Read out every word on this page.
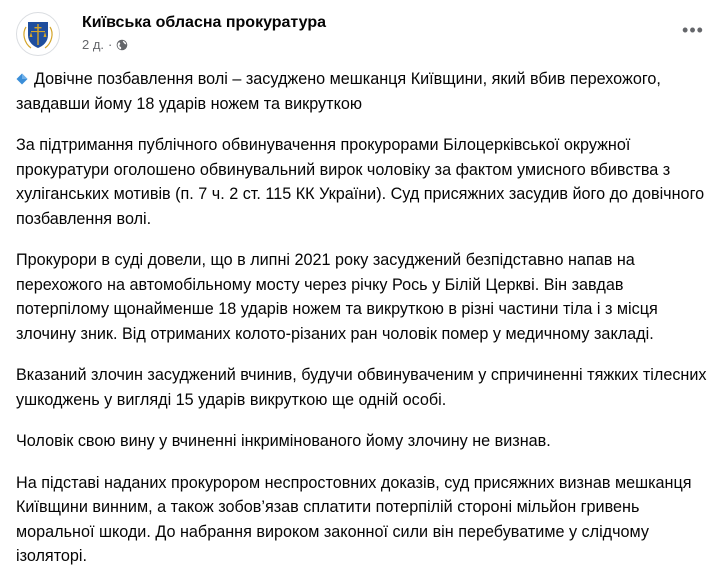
Київська обласна прокуратура
2 д. ·
•••

Довічне позбавлення волі – засуджено мешканця Київщини, який вбив перехожого, завдавши йому 18 ударів ножем та викруткою

За підтримання публічного обвинувачення прокурорами Білоцерківської окружної прокуратури оголошено обвинувальний вирок чоловіку за фактом умисного вбивства з хуліганських мотивів (п. 7 ч. 2 ст. 115 КК України). Суд присяжних засудив його до довічного позбавлення волі.

Прокурори в суді довели, що в липні 2021 року засуджений безпідставно напав на перехожого на автомобільному мосту через річку Рось у Білій Церкві. Він завдав потерпілому щонайменше 18 ударів ножем та викруткою в різні частини тіла і з місця злочину зник. Від отриманих колото-різаних ран чоловік помер у медичному закладі.

Вказаний злочин засуджений вчинив, будучи обвинуваченим у спричиненні тяжких тілесних ушкоджень у вигляді 15 ударів викруткою ще одній особі.

Чоловік свою вину у вчиненні інкримінованого йому злочину не визнав.

На підставі наданих прокурором неспростовних доказів, суд присяжних визнав мешканця Київщини винним, а також зобов’язав сплатити потерпілій стороні мільйон гривень моральної шкоди. До набрання вироком законної сили він перебуватиме у слідчому ізоляторі.
